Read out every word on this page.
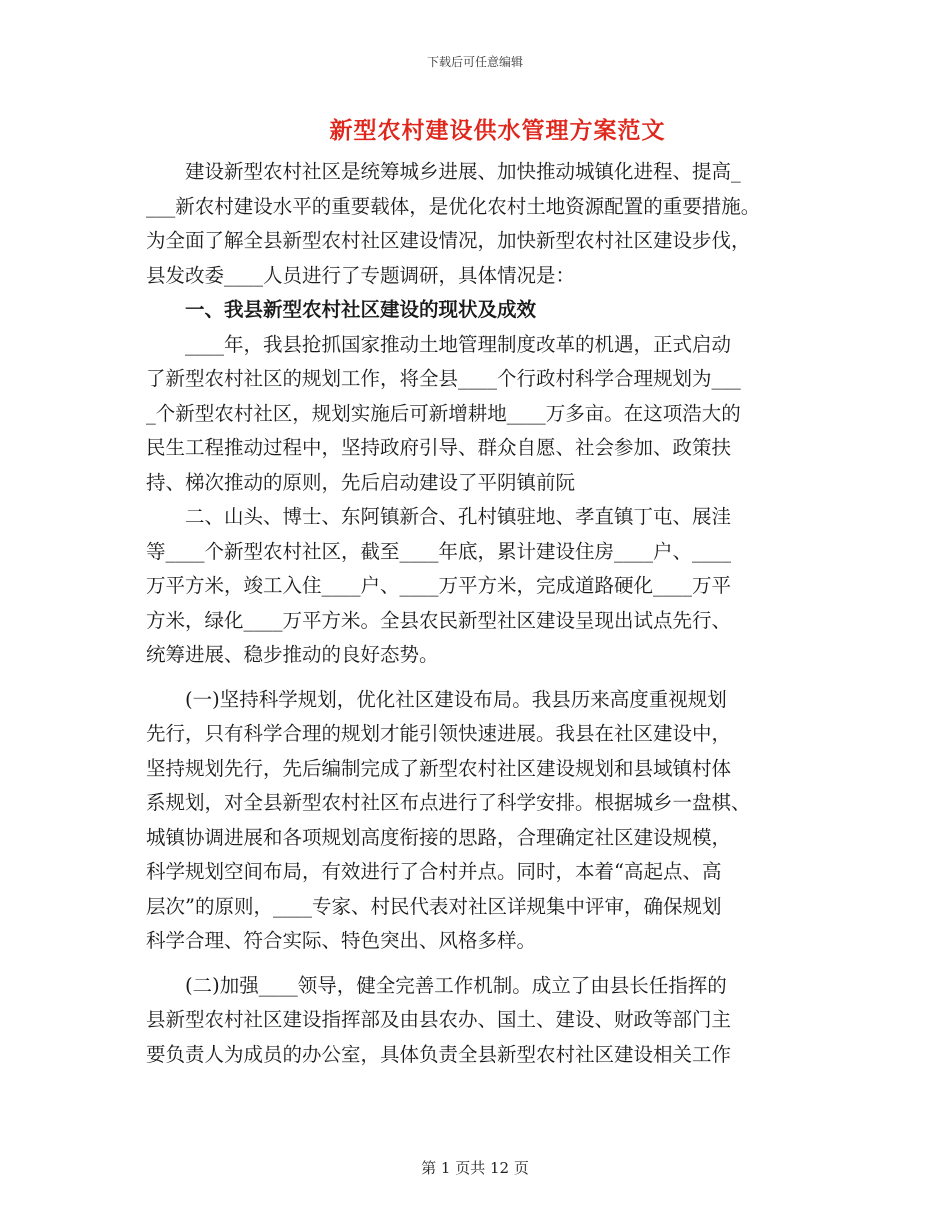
下载后可任意编辑
新型农村建设供水管理方案范文

　　建设新型农村社区是统筹城乡进展、加快推动城镇化进程、提高_

___新农村建设水平的重要载体，是优化农村土地资源配置的重要措施。

为全面了解全县新型农村社区建设情况，加快新型农村社区建设步伐，

县发改委____人员进行了专题调研，具体情况是：

　　一、我县新型农村社区建设的现状及成效

　　____年，我县抢抓国家推动土地管理制度改革的机遇，正式启动

了新型农村社区的规划工作，将全县____个行政村科学合理规划为___

_个新型农村社区，规划实施后可新增耕地____万多亩。在这项浩大的

民生工程推动过程中，坚持政府引导、群众自愿、社会参加、政策扶

持、梯次推动的原则，先后启动建设了平阴镇前阮

　　二、山头、博士、东阿镇新合、孔村镇驻地、孝直镇丁屯、展洼

等____个新型农村社区，截至____年底，累计建设住房____户、____

万平方米，竣工入住____户、____万平方米，完成道路硬化____万平

方米，绿化____万平方米。全县农民新型社区建设呈现出试点先行、

统筹进展、稳步推动的良好态势。

　　(一)坚持科学规划，优化社区建设布局。我县历来高度重视规划

先行，只有科学合理的规划才能引领快速进展。我县在社区建设中，

坚持规划先行，先后编制完成了新型农村社区建设规划和县域镇村体

系规划，对全县新型农村社区布点进行了科学安排。根据城乡一盘棋、

城镇协调进展和各项规划高度衔接的思路，合理确定社区建设规模，

科学规划空间布局，有效进行了合村并点。同时，本着“高起点、高

层次”的原则，____专家、村民代表对社区详规集中评审，确保规划

科学合理、符合实际、特色突出、风格多样。

　　(二)加强____领导，健全完善工作机制。成立了由县长任指挥的

县新型农村社区建设指挥部及由县农办、国土、建设、财政等部门主

要负责人为成员的办公室，具体负责全县新型农村社区建设相关工作

第 1 页共 12 页
